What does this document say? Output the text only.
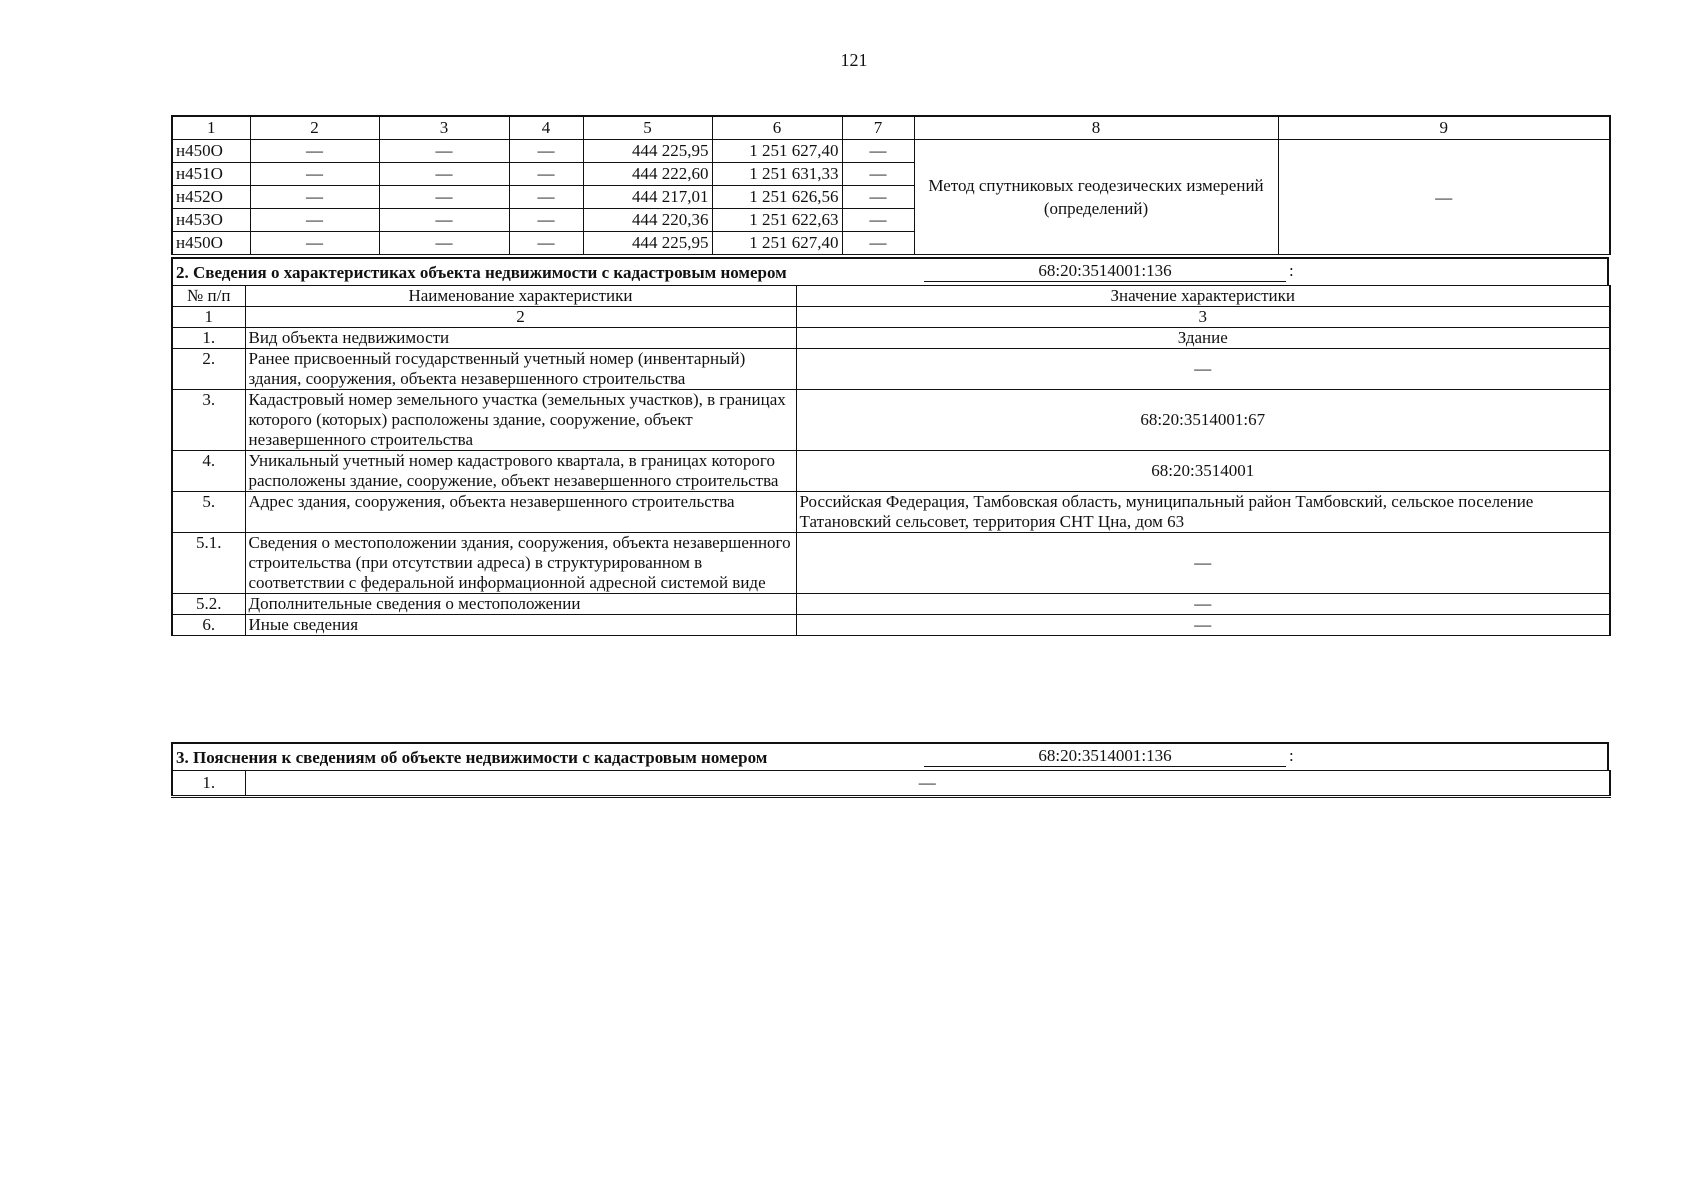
121
1	2	3	4	5	6	7	8	9
н450О	—	—	—	444 225,95	1 251 627,40	—	Метод спутниковых геодезических измерений (определений)	—
н451О	—	—	—	444 222,60	1 251 631,33	—		
н452О	—	—	—	444 217,01	1 251 626,56	—		
н453О	—	—	—	444 220,36	1 251 622,63	—		
н450О	—	—	—	444 225,95	1 251 627,40	—		
2. Сведения о характеристиках объекта недвижимости с кадастровым номером	68:20:3514001:136	:
№ п/п	Наименование характеристики	Значение характеристики
1	2	3
1.	Вид объекта недвижимости	Здание
2.	Ранее присвоенный государственный учетный номер (инвентарный) здания, сооружения, объекта незавершенного строительства	—
3.	Кадастровый номер земельного участка (земельных участков), в границах которого (которых) расположены здание, сооружение, объект незавершенного строительства	68:20:3514001:67
4.	Уникальный учетный номер кадастрового квартала, в границах которого расположены здание, сооружение, объект незавершенного строительства	68:20:3514001
5.	Адрес здания, сооружения, объекта незавершенного строительства	Российская Федерация, Тамбовская область, муниципальный район Тамбовский, сельское поселение Татановский сельсовет, территория СНТ Цна, дом 63
5.1.	Сведения о местоположении здания, сооружения, объекта незавершенного строительства (при отсутствии адреса) в структурированном в соответствии с федеральной информационной адресной системой виде	—
5.2.	Дополнительные сведения о местоположении	—
6.	Иные сведения	—
3. Пояснения к сведениям об объекте недвижимости с кадастровым номером	68:20:3514001:136	:
1.	—
